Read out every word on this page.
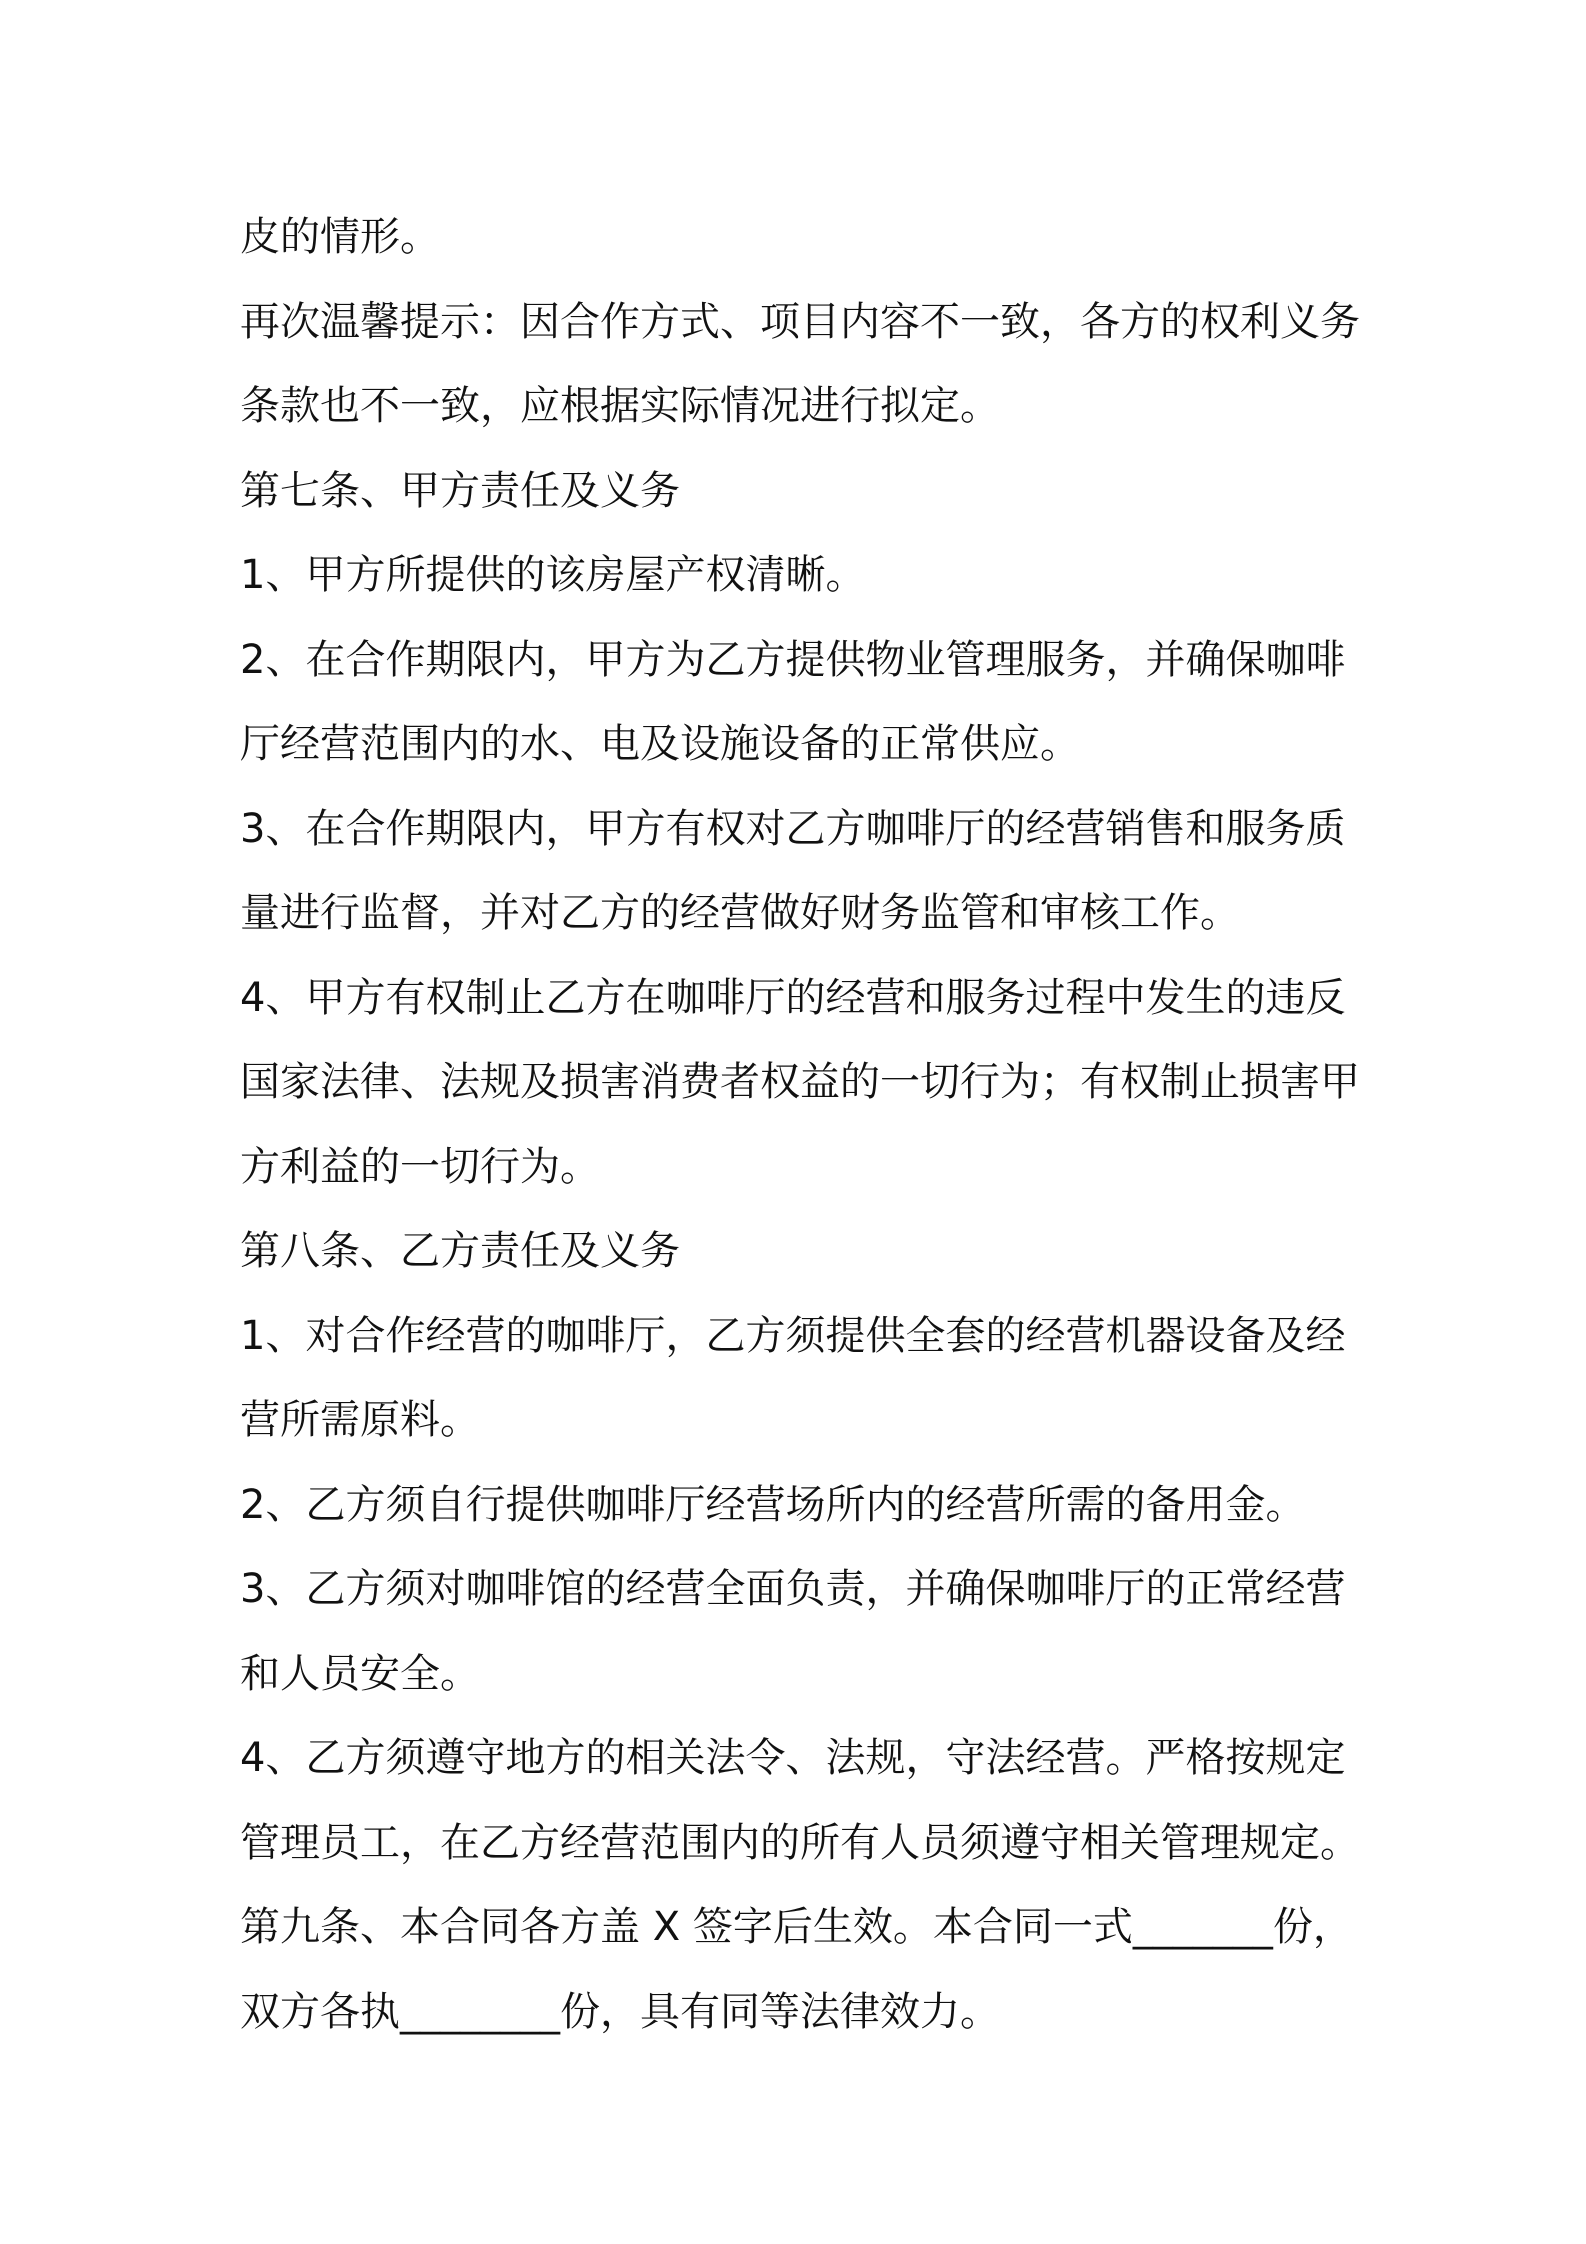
皮的情形。
再次温馨提示：因合作方式、项目内容不一致，各方的权利义务
条款也不一致，应根据实际情况进行拟定。
第七条、甲方责任及义务
1、甲方所提供的该房屋产权清晰。
2、在合作期限内，甲方为乙方提供物业管理服务，并确保咖啡
厅经营范围内的水、电及设施设备的正常供应。
3、在合作期限内，甲方有权对乙方咖啡厅的经营销售和服务质
量进行监督，并对乙方的经营做好财务监管和审核工作。
4、甲方有权制止乙方在咖啡厅的经营和服务过程中发生的违反
国家法律、法规及损害消费者权益的一切行为；有权制止损害甲
方利益的一切行为。
第八条、乙方责任及义务
1、对合作经营的咖啡厅，乙方须提供全套的经营机器设备及经
营所需原料。
2、乙方须自行提供咖啡厅经营场所内的经营所需的备用金。
3、乙方须对咖啡馆的经营全面负责，并确保咖啡厅的正常经营
和人员安全。
4、乙方须遵守地方的相关法令、法规，守法经营。严格按规定
管理员工，在乙方经营范围内的所有人员须遵守相关管理规定。
第九条、本合同各方盖 X 签字后生效。本合同一式_______份，
双方各执________份，具有同等法律效力。
